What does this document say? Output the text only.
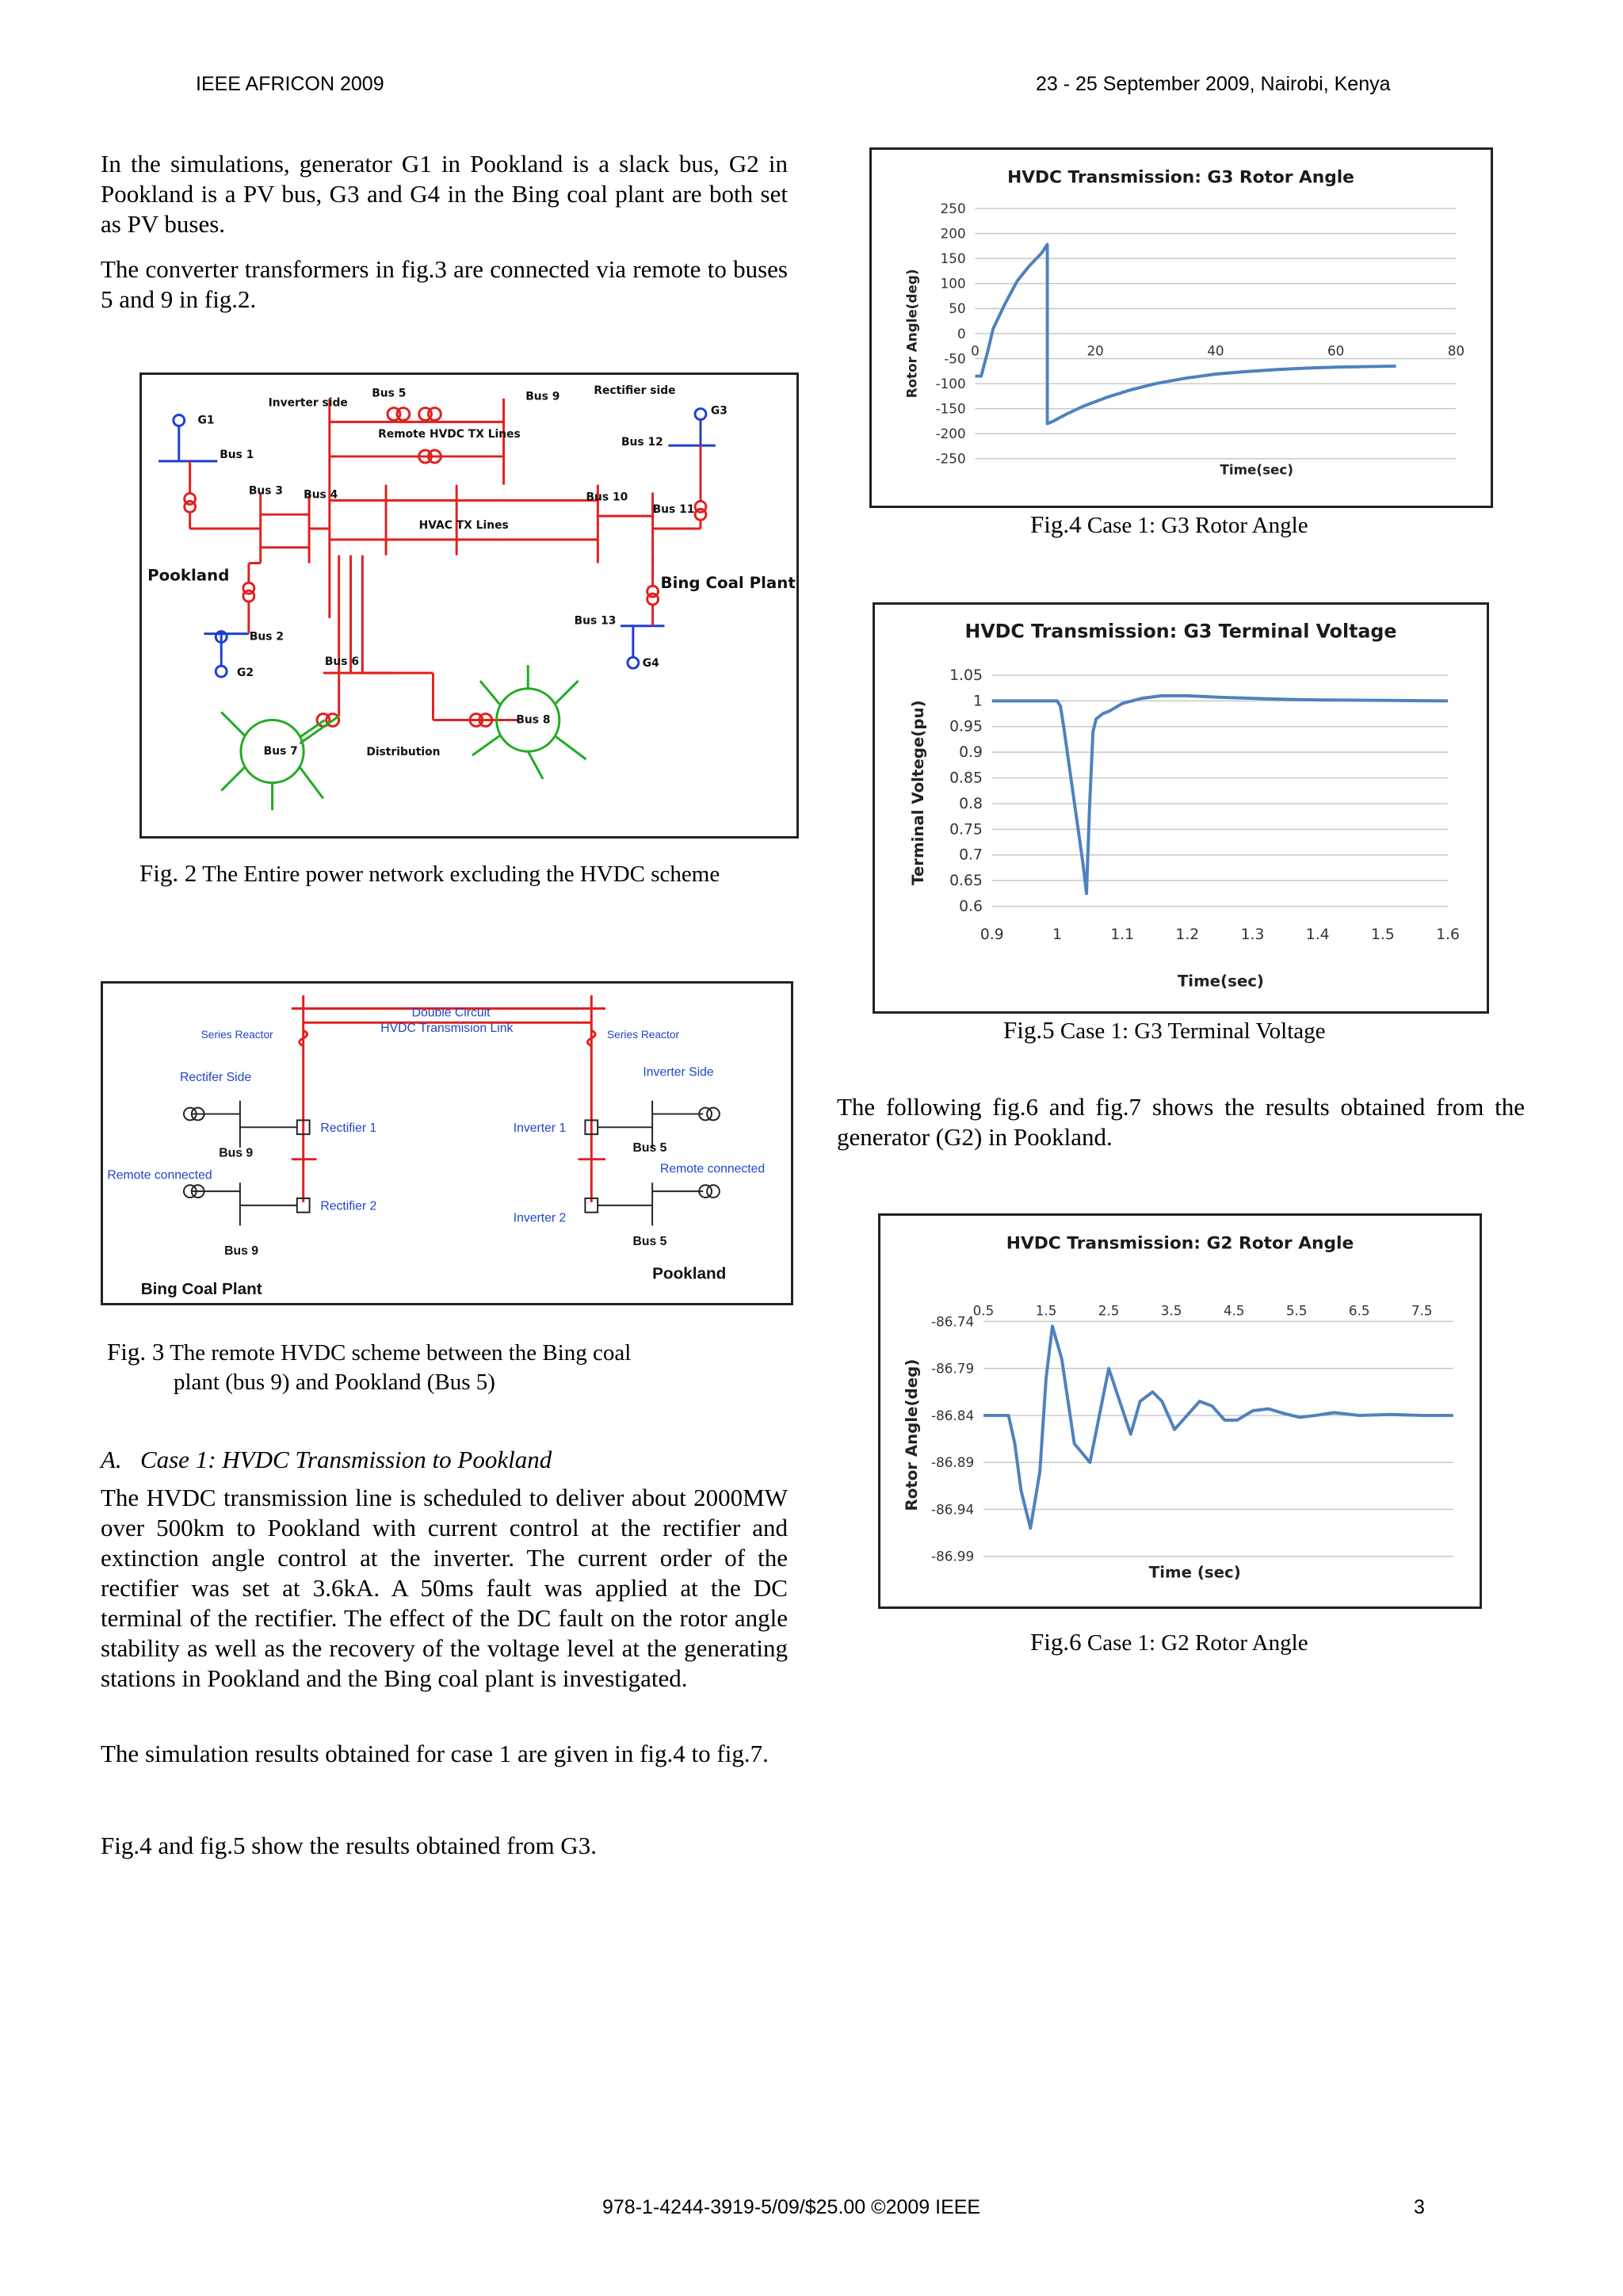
IEEE AFRICON 2009	23 - 25 September 2009, Nairobi, Kenya

In the simulations, generator G1 in Pookland is a slack bus, G2 in Pookland is a PV bus, G3 and G4 in the Bing coal plant are both set as PV buses.

The converter transformers in fig.3 are connected via remote to buses 5 and 9 in fig.2.

Inverter side
Bus 5	Bus 9	Rectifier side
G1
G3
Bus 1
Remote HVDC TX Lines
Bus 12
Bus 3 Bus 4	Bus 10
Bus 11
HVAC TX Lines
Pookland	Bing Coal Plant
Bus 13
Bus 2
Bus 6	G4
G2
Bus 8
Bus 7	Distribution
Fig. 2 The Entire power network excluding the HVDC scheme
Double Circuit
HVDC Transmision Link
Series Reactor	Series Reactor
Rectifer Side	Inverter Side
Rectifier 1	Inverter 1
Bus 9	Bus 5
Remote connected	Remote connected
Rectifier 2
Inverter 2
Bus 5
Bus 9
Pookland
Bing Coal Plant
Fig. 3 The remote HVDC scheme between the Bing coal
plant (bus 9) and Pookland (Bus 5)
A. Case 1: HVDC Transmission to Pookland

The HVDC transmission line is scheduled to deliver about 2000MW over 500km to Pookland with current control at the rectifier and extinction angle control at the inverter. The current order of the rectifier was set at 3.6kA. A 50ms fault was applied at the DC terminal of the rectifier. The effect of the DC fault on the rotor angle stability as well as the recovery of the voltage level at the generating stations in Pookland and the Bing coal plant is investigated.

The simulation results obtained for case 1 are given in fig.4 to fig.7.

Fig.4 and fig.5 show the results obtained from G3.

HVDC Transmission: G3 Rotor Angle
250
200
150
100
50
0
-50
-100
-150
-200
-250
0	20	40	60	80
Time(sec)
Rotor Angle(deg)
Fig.4 Case 1: G3 Rotor Angle
HVDC Transmission: G3 Terminal Voltage
1.05
1
0.95
0.9
0.85
0.8
0.75
0.7
0.65
0.6
0.9	1	1.1	1.2	1.3	1.4	1.5	1.6
Time(sec)
Terminal Voltege(pu)
Fig.5 Case 1: G3 Terminal Voltage

The following fig.6 and fig.7 shows the results obtained from the generator (G2) in Pookland.

HVDC Transmission: G2 Rotor Angle
-86.74
-86.79
-86.84
-86.89
-86.94
-86.99
0.5	1.5	2.5	3.5	4.5	5.5	6.5	7.5
Time (sec)
Rotor Angle(deg)
Fig.6 Case 1: G2 Rotor Angle
978-1-4244-3919-5/09/$25.00 ©2009 IEEE	3
